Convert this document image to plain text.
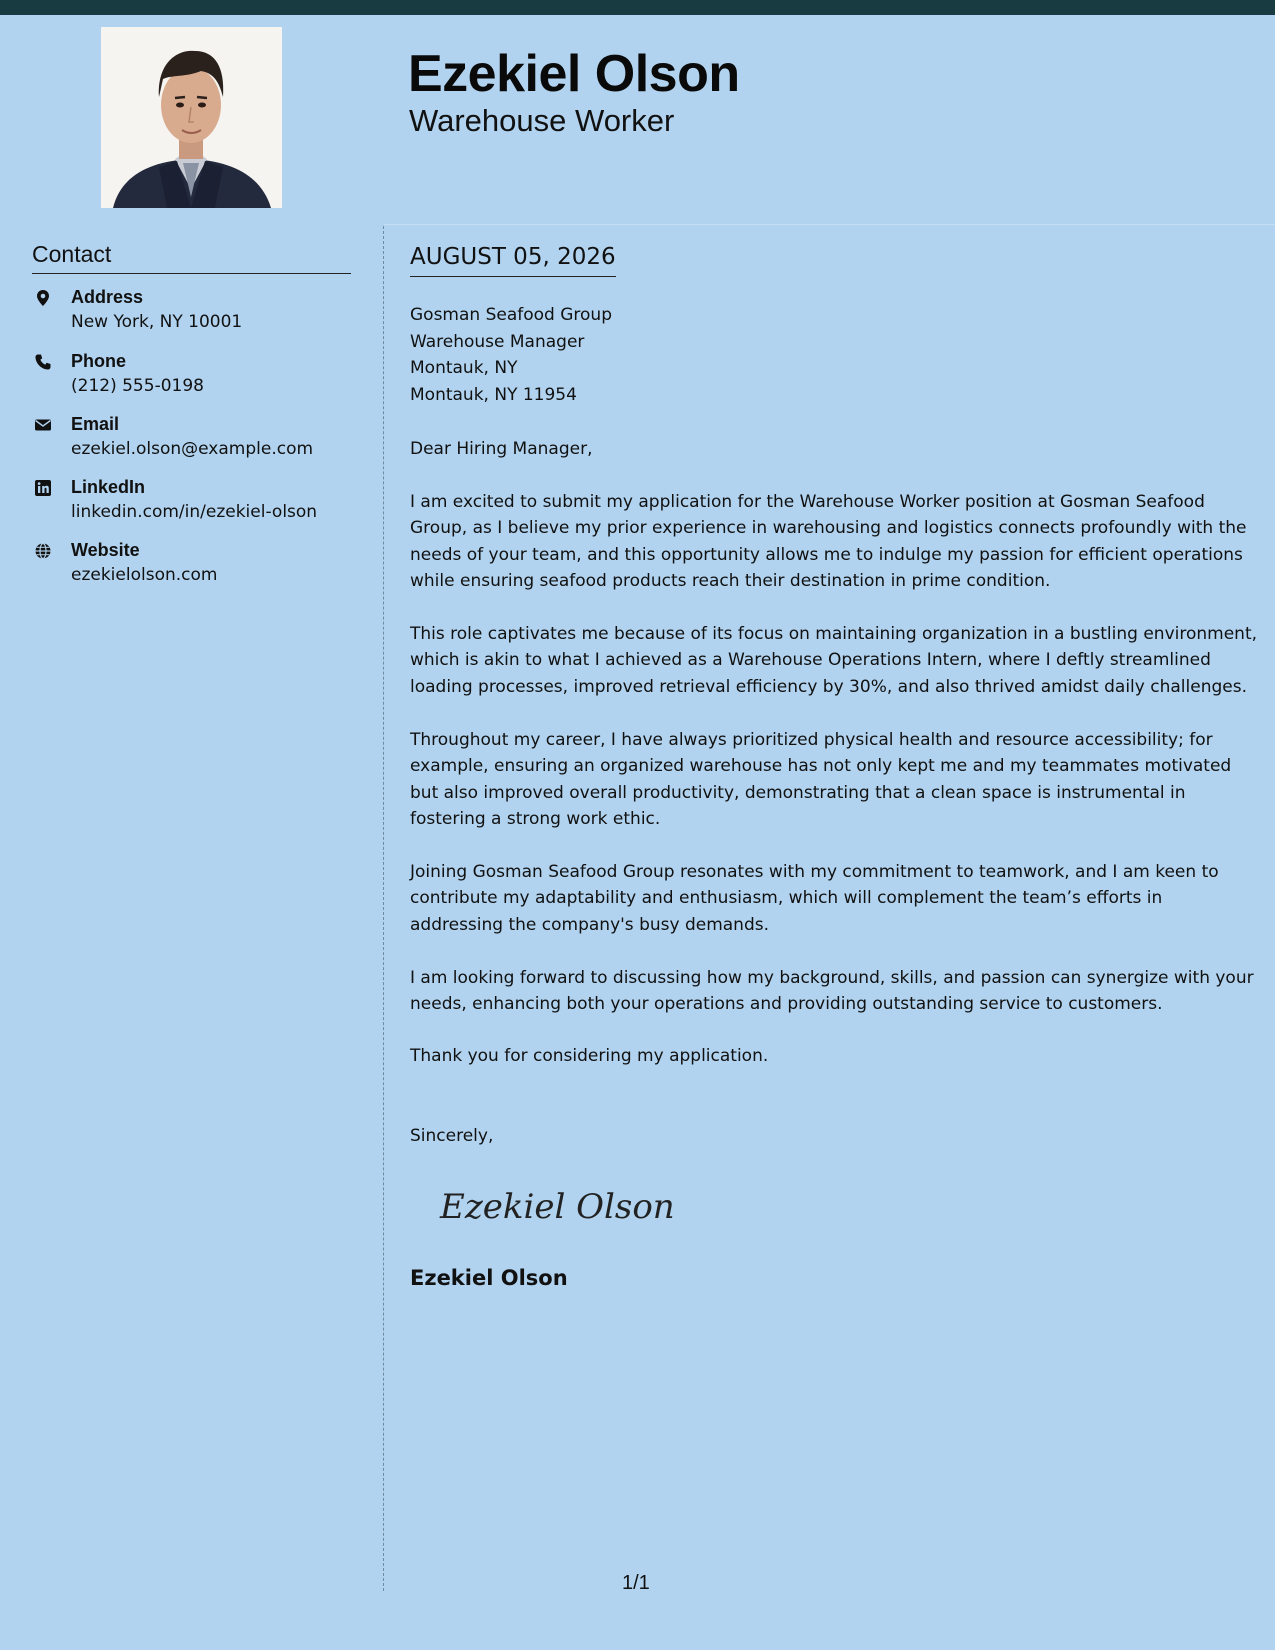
Ezekiel Olson
Warehouse Worker
Contact
Address
New York, NY 10001
Phone
(212) 555-0198
Email
ezekiel.olson@example.com
LinkedIn
linkedin.com/in/ezekiel-olson
Website
ezekielolson.com
AUGUST 05, 2026
Gosman Seafood Group
Warehouse Manager
Montauk, NY
Montauk, NY 11954
Dear Hiring Manager,
I am excited to submit my application for the Warehouse Worker position at Gosman Seafood Group, as I believe my prior experience in warehousing and logistics connects profoundly with the needs of your team, and this opportunity allows me to indulge my passion for efficient operations while ensuring seafood products reach their destination in prime condition.
This role captivates me because of its focus on maintaining organization in a bustling environment, which is akin to what I achieved as a Warehouse Operations Intern, where I deftly streamlined loading processes, improved retrieval efficiency by 30%, and also thrived amidst daily challenges.
Throughout my career, I have always prioritized physical health and resource accessibility; for example, ensuring an organized warehouse has not only kept me and my teammates motivated but also improved overall productivity, demonstrating that a clean space is instrumental in fostering a strong work ethic.
Joining Gosman Seafood Group resonates with my commitment to teamwork, and I am keen to contribute my adaptability and enthusiasm, which will complement the team’s efforts in addressing the company's busy demands.
I am looking forward to discussing how my background, skills, and passion can synergize with your needs, enhancing both your operations and providing outstanding service to customers.
Thank you for considering my application.
Sincerely,
Ezekiel Olson
Ezekiel Olson
1/1
